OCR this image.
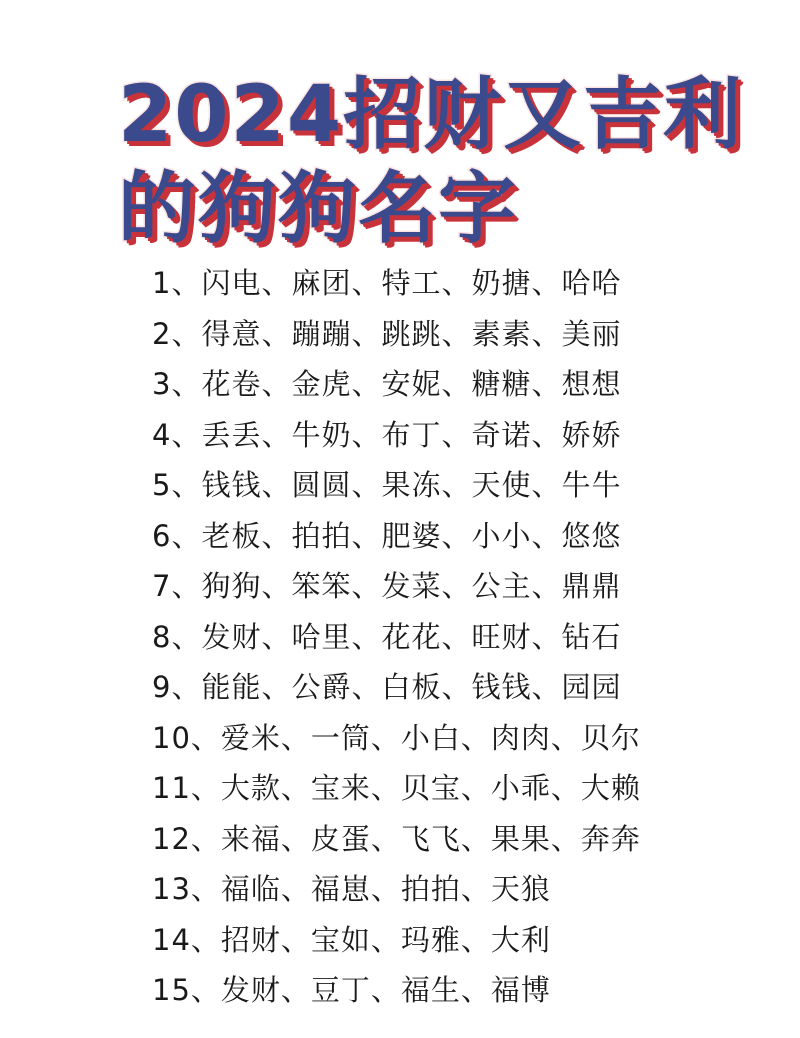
2024招财又吉利
的狗狗名字
1、闪电、麻团、特工、奶搪、哈哈
2、得意、蹦蹦、跳跳、素素、美丽
3、花卷、金虎、安妮、糖糖、想想
4、丢丢、牛奶、布丁、奇诺、娇娇
5、钱钱、圆圆、果冻、天使、牛牛
6、老板、拍拍、肥婆、小小、悠悠
7、狗狗、笨笨、发菜、公主、鼎鼎
8、发财、哈里、花花、旺财、钻石
9、能能、公爵、白板、钱钱、园园
10、爱米、一筒、小白、肉肉、贝尔
11、大款、宝来、贝宝、小乖、大赖
12、来福、皮蛋、飞飞、果果、奔奔
13、福临、福崽、拍拍、天狼
14、招财、宝如、玛雅、大利
15、发财、豆丁、福生、福博
